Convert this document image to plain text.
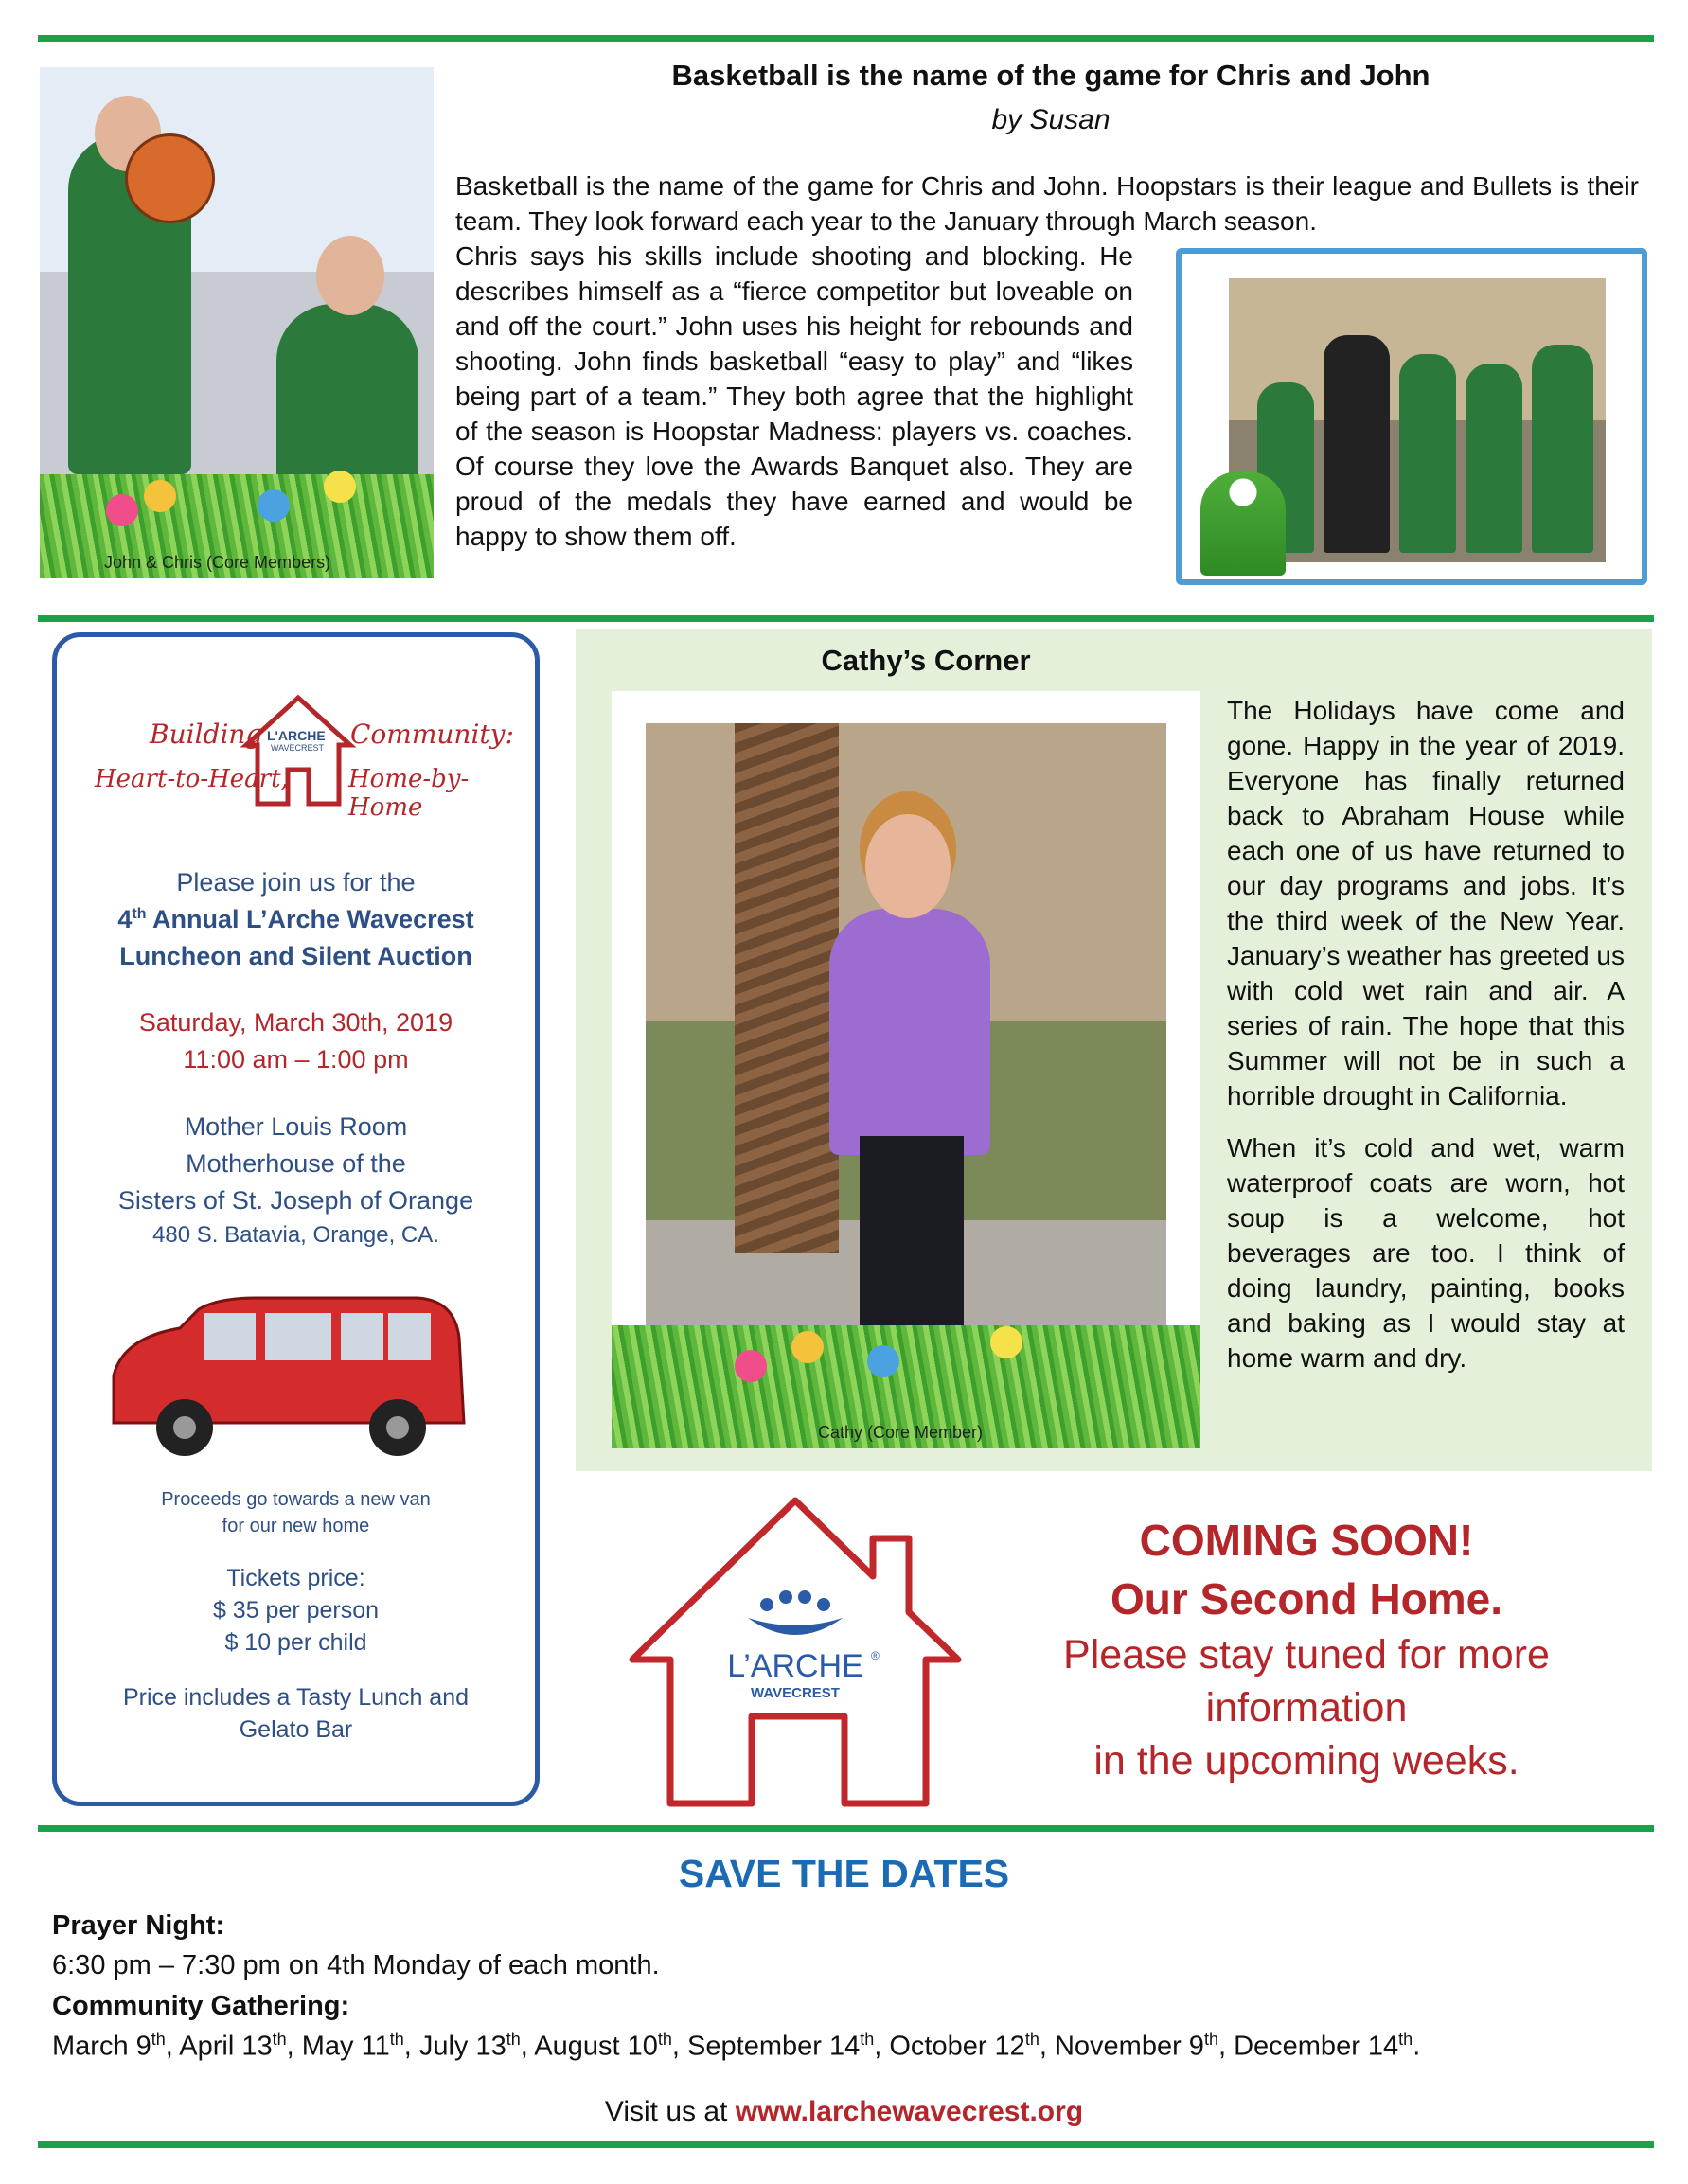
John & Chris (Core Members)
Basketball is the name of the game for Chris and John
by Susan
Basketball is the name of the game for Chris and John. Hoopstars is their league and Bullets is their team. They look forward each year to the January through March season.
Chris says his skills include shooting and blocking. He describes himself as a “fierce competitor but loveable on and off the court.” John uses his height for rebounds and shooting. John finds basketball “easy to play” and “likes being part of a team.” They both agree that the highlight of the season is Hoopstar Madness: players vs. coaches. Of course they love the Awards Banquet also. They are proud of the medals they have earned and would be happy to show them off.
Building	Community:
Heart-to-Heart, Home-by-Home
L'ARCHE
WAVECREST
Please join us for the
4th Annual L’Arche Wavecrest
Luncheon and Silent Auction
Saturday, March 30th, 2019
11:00 am – 1:00 pm
Mother Louis Room
Motherhouse of the
Sisters of St. Joseph of Orange
480 S. Batavia, Orange, CA.
Proceeds go towards a new van
for our new home
Tickets price:
$ 35 per person
$ 10 per child
Price includes a Tasty Lunch and
Gelato Bar
Cathy’s Corner
Cathy (Core Member)

The Holidays have come and gone. Happy in the year of 2019. Everyone has finally returned back to Abraham House while each one of us have returned to our day programs and jobs. It’s the third week of the New Year. January’s weather has greeted us with cold wet rain and air. A series of rain. The hope that this Summer will not be in such a horrible drought in California.

When it’s cold and wet, warm waterproof coats are worn, hot soup is a welcome, hot beverages are too. I think of doing laundry, painting, books and baking as I would stay at home warm and dry.

L’ARCHE ®
WAVECREST
COMING SOON!
Our Second Home.
Please stay tuned for more
information
in the upcoming weeks.
SAVE THE DATES
Prayer Night:
6:30 pm – 7:30 pm on 4th Monday of each month.
Community Gathering:
March 9th, April 13th, May 11th, July 13th, August 10th, September 14th, October 12th, November 9th, December 14th.
Visit us at www.larchewavecrest.org
